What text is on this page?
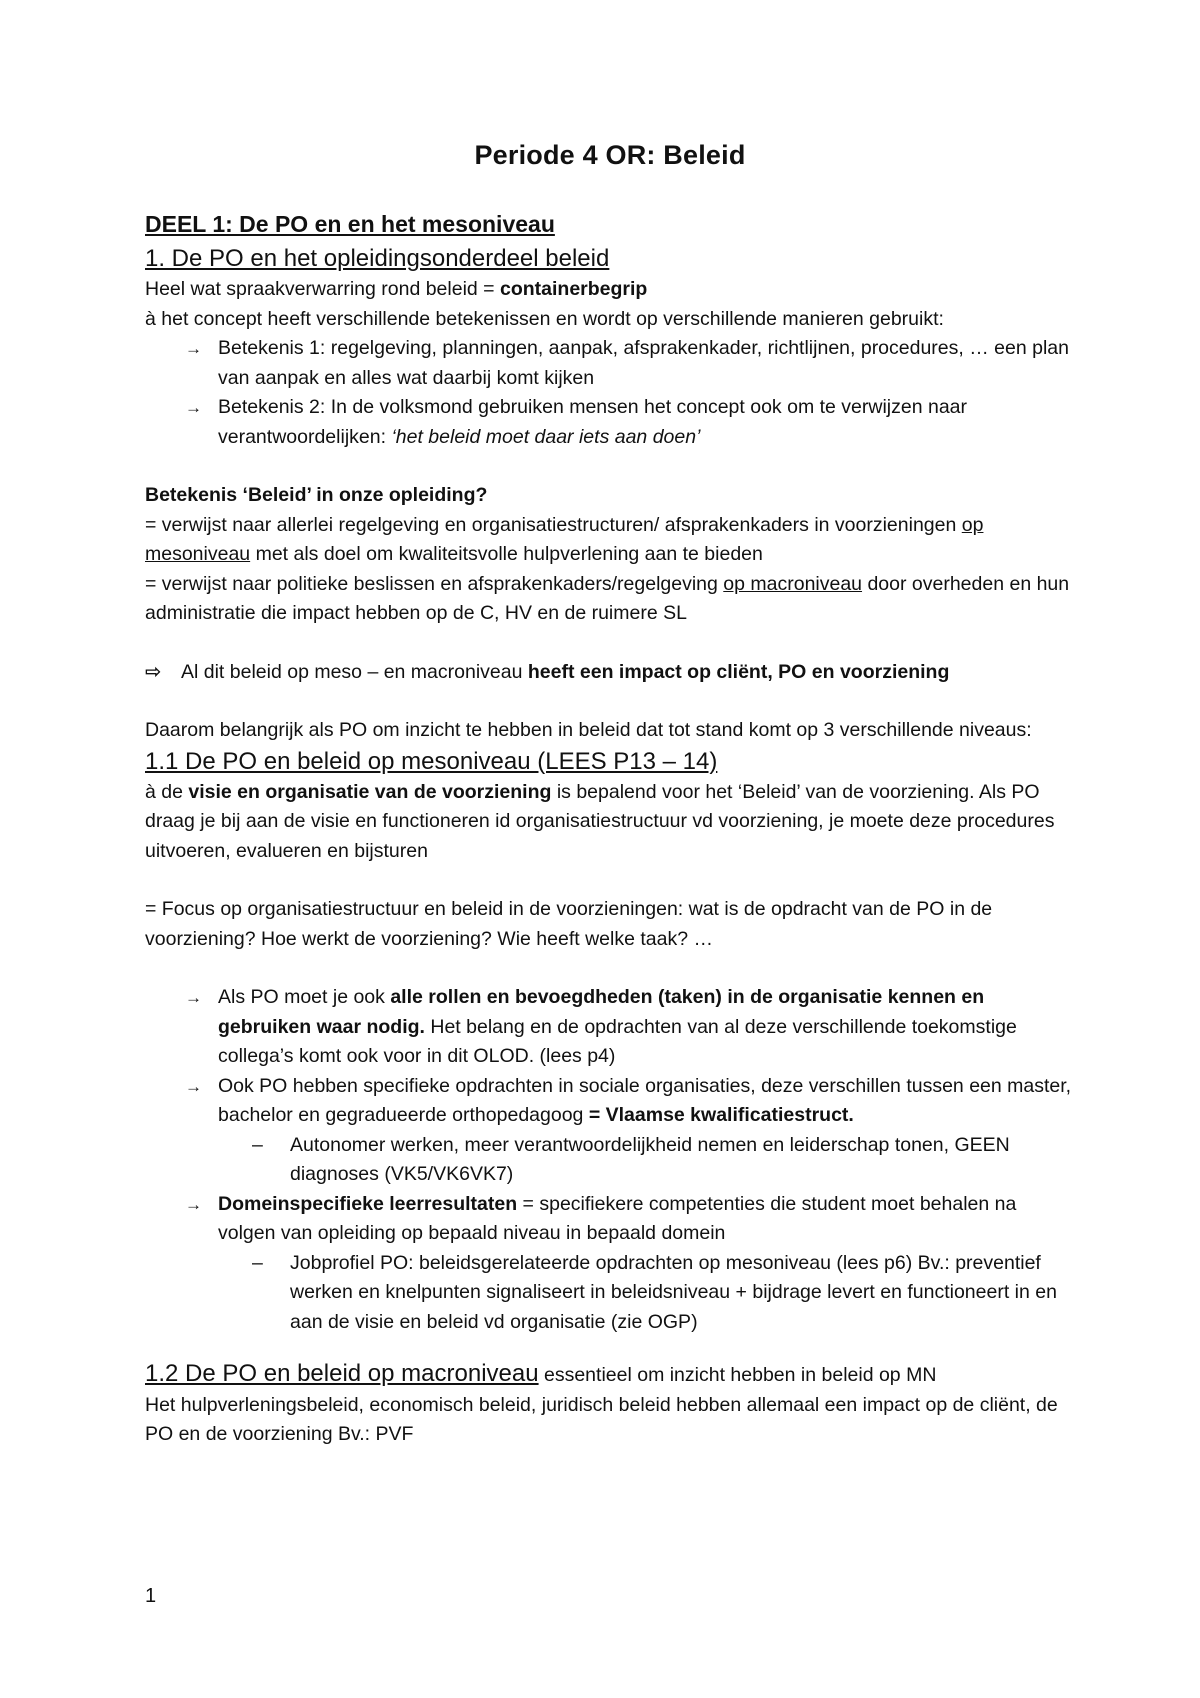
Periode 4 OR: Beleid
DEEL 1: De PO en en het mesoniveau
1. De PO en het opleidingsonderdeel beleid

Heel wat spraakverwarring rond beleid = containerbegrip

à het concept heeft verschillende betekenissen en wordt op verschillende manieren gebruikt:

→ Betekenis 1: regelgeving, planningen, aanpak, afsprakenkader, richtlijnen, procedures, … een plan van aanpak en alles wat daarbij komt kijken
→ Betekenis 2: In de volksmond gebruiken mensen het concept ook om te verwijzen naar verantwoordelijken: ‘het beleid moet daar iets aan doen’

Betekenis ‘Beleid’ in onze opleiding?

= verwijst naar allerlei regelgeving en organisatiestructuren/ afsprakenkaders in voorzieningen op mesoniveau met als doel om kwaliteitsvolle hulpverlening aan te bieden

= verwijst naar politieke beslissen en afsprakenkaders/regelgeving op macroniveau door overheden en hun administratie die impact hebben op de C, HV en de ruimere SL

⇨ Al dit beleid op meso – en macroniveau heeft een impact op cliënt, PO en voorziening

Daarom belangrijk als PO om inzicht te hebben in beleid dat tot stand komt op 3 verschillende niveaus:

1.1 De PO en beleid op mesoniveau (LEES P13 – 14)

à de visie en organisatie van de voorziening is bepalend voor het ‘Beleid’ van de voorziening. Als PO draag je bij aan de visie en functioneren id organisatiestructuur vd voorziening, je moete deze procedures uitvoeren, evalueren en bijsturen

= Focus op organisatiestructuur en beleid in de voorzieningen: wat is de opdracht van de PO in de voorziening? Hoe werkt de voorziening? Wie heeft welke taak? …

→ Als PO moet je ook alle rollen en bevoegdheden (taken) in de organisatie kennen en gebruiken waar nodig. Het belang en de opdrachten van al deze verschillende toekomstige collega’s komt ook voor in dit OLOD. (lees p4)
→ Ook PO hebben specifieke opdrachten in sociale organisaties, deze verschillen tussen een master, bachelor en gegradueerde orthopedagoog = Vlaamse kwalificatiestruct.
– Autonomer werken, meer verantwoordelijkheid nemen en leiderschap tonen, GEEN diagnoses (VK5/VK6VK7)
→ Domeinspecifieke leerresultaten = specifiekere competenties die student moet behalen na volgen van opleiding op bepaald niveau in bepaald domein
– Jobprofiel PO: beleidsgerelateerde opdrachten op mesoniveau (lees p6) Bv.: preventief werken en knelpunten signaliseert in beleidsniveau + bijdrage levert en functioneert in en aan de visie en beleid vd organisatie (zie OGP)

1.2 De PO en beleid op macroniveau essentieel om inzicht hebben in beleid op MN

Het hulpverleningsbeleid, economisch beleid, juridisch beleid hebben allemaal een impact op de cliënt, de PO en de voorziening Bv.: PVF

1
